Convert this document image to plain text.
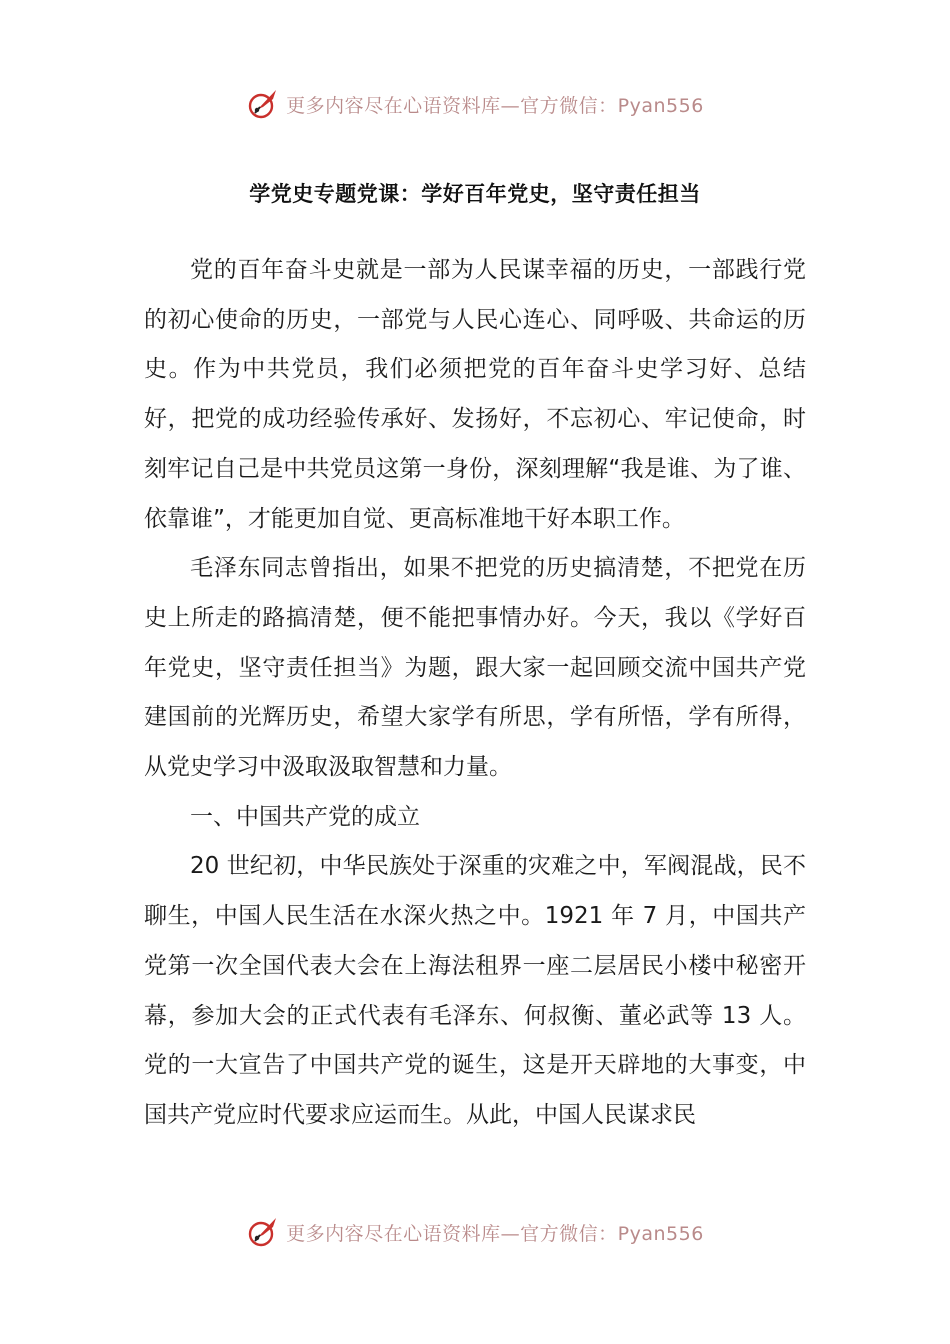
更多内容尽在心语资料库—官方微信：Pyan556
学党史专题党课：学好百年党史，坚守责任担当

党的百年奋斗史就是一部为人民谋幸福的历史，一部践行党的初心使命的历史，一部党与人民心连心、同呼吸、共命运的历史。作为中共党员，我们必须把党的百年奋斗史学习好、总结好，把党的成功经验传承好、发扬好，不忘初心、牢记使命，时刻牢记自己是中共党员这第一身份，深刻理解“我是谁、为了谁、依靠谁”，才能更加自觉、更高标准地干好本职工作。

毛泽东同志曾指出，如果不把党的历史搞清楚，不把党在历史上所走的路搞清楚，便不能把事情办好。今天，我以《学好百年党史，坚守责任担当》为题，跟大家一起回顾交流中国共产党建国前的光辉历史，希望大家学有所思，学有所悟，学有所得，从党史学习中汲取汲取智慧和力量。

一、中国共产党的成立

20 世纪初，中华民族处于深重的灾难之中，军阀混战，民不聊生，中国人民生活在水深火热之中。1921 年 7 月，中国共产党第一次全国代表大会在上海法租界一座二层居民小楼中秘密开幕，参加大会的正式代表有毛泽东、何叔衡、董必武等 13 人。党的一大宣告了中国共产党的诞生，这是开天辟地的大事变，中国共产党应时代要求应运而生。从此，中国人民谋求民

更多内容尽在心语资料库—官方微信：Pyan556
